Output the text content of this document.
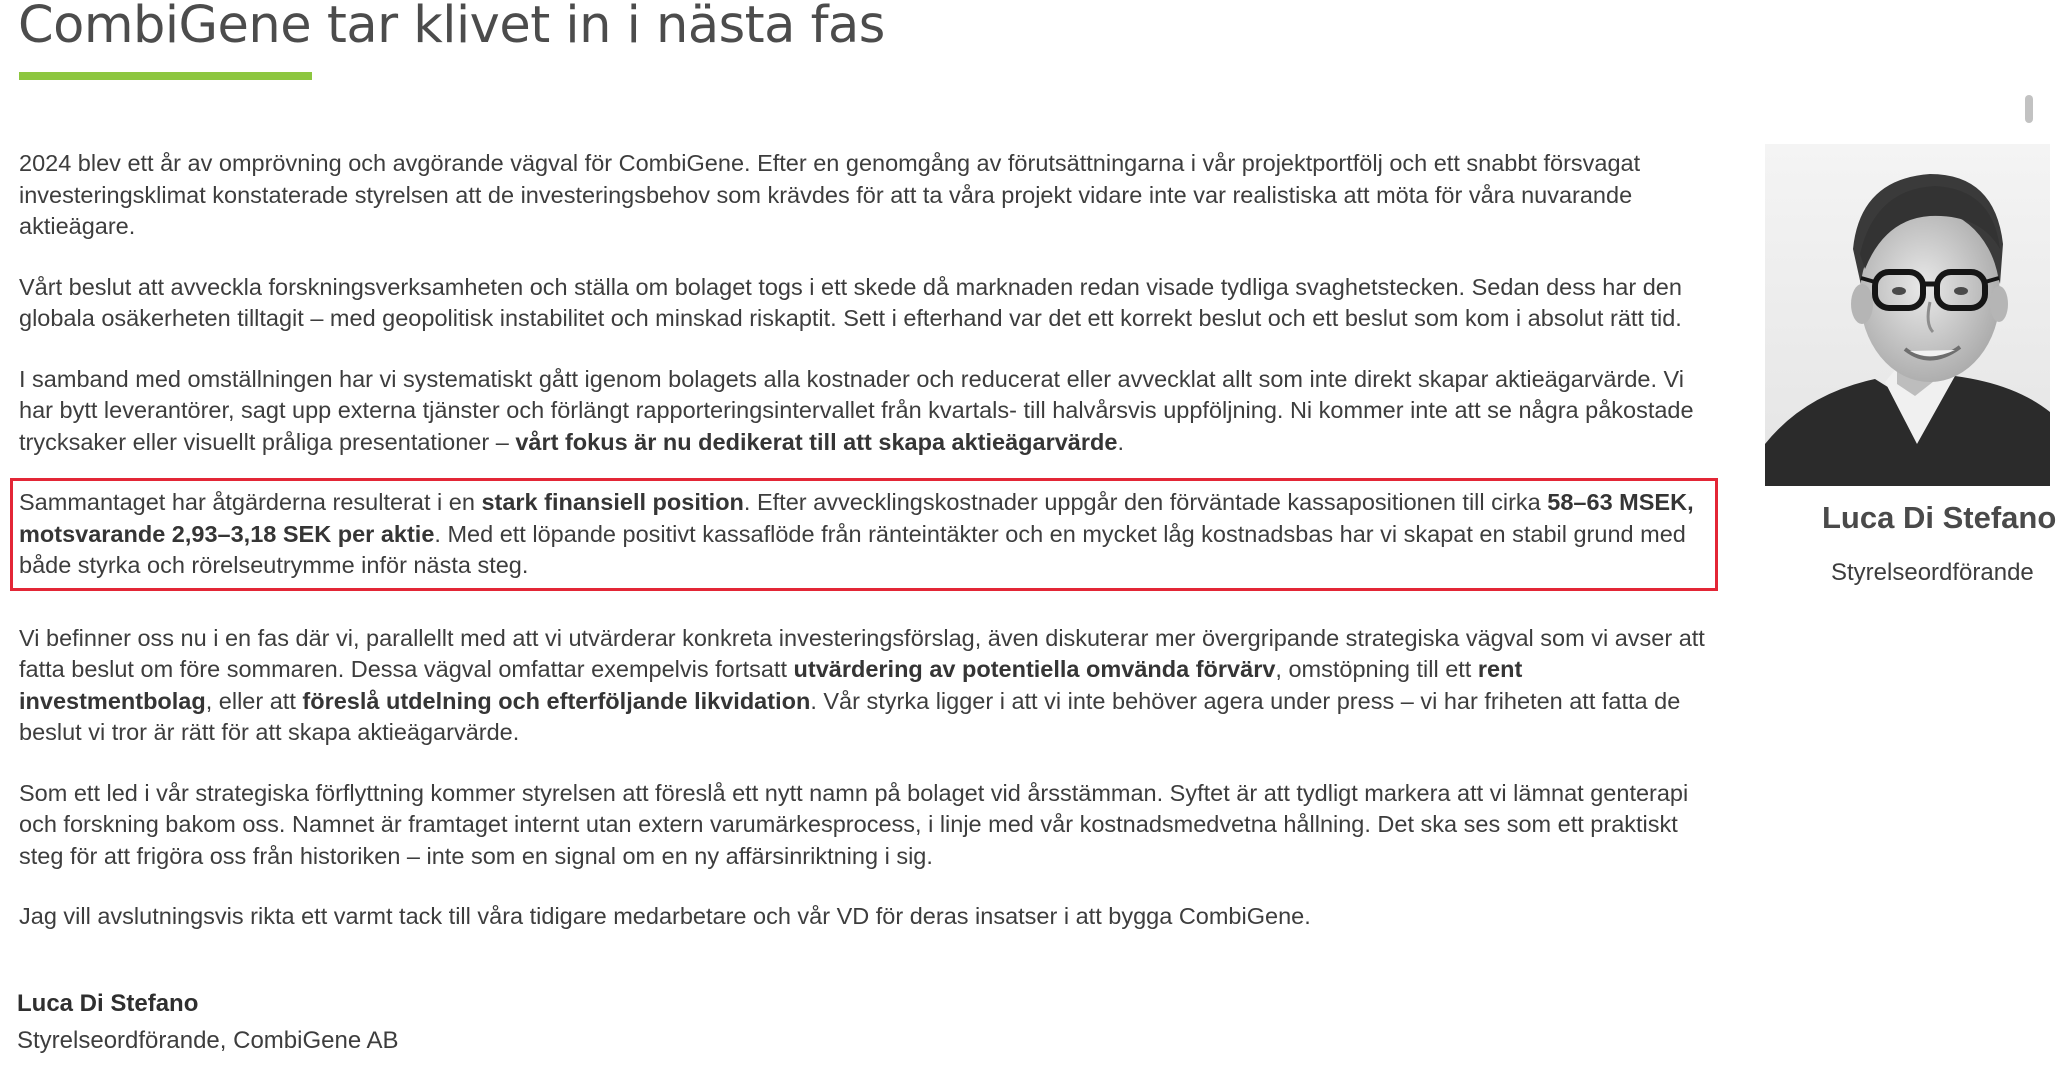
CombiGene tar klivet in i nästa fas

2024 blev ett år av omprövning och avgörande vägval för CombiGene. Efter en genomgång av förutsättningarna i vår projektportfölj och ett snabbt försvagat investeringsklimat konstaterade styrelsen att de investeringsbehov som krävdes för att ta våra projekt vidare inte var realistiska att möta för våra nuvarande aktieägare.

Vårt beslut att avveckla forskningsverksamheten och ställa om bolaget togs i ett skede då marknaden redan visade tydliga svaghetstecken. Sedan dess har den globala osäkerheten tilltagit – med geopolitisk instabilitet och minskad riskaptit. Sett i efterhand var det ett korrekt beslut och ett beslut som kom i absolut rätt tid.

I samband med omställningen har vi systematiskt gått igenom bolagets alla kostnader och reducerat eller avvecklat allt som inte direkt skapar aktieägarvärde. Vi har bytt leverantörer, sagt upp externa tjänster och förlängt rapporteringsintervallet från kvartals- till halvårsvis uppföljning. Ni kommer inte att se några påkostade trycksaker eller visuellt pråliga presentationer – vårt fokus är nu dedikerat till att skapa aktieägarvärde.

Sammantaget har åtgärderna resulterat i en stark finansiell position. Efter avvecklingskostnader uppgår den förväntade kassapositionen till cirka 58–63 MSEK, motsvarande 2,93–3,18 SEK per aktie. Med ett löpande positivt kassaflöde från ränteintäkter och en mycket låg kostnadsbas har vi skapat en stabil grund med både styrka och rörelseutrymme inför nästa steg.

Vi befinner oss nu i en fas där vi, parallellt med att vi utvärderar konkreta investeringsförslag, även diskuterar mer övergripande strategiska vägval som vi avser att fatta beslut om före sommaren. Dessa vägval omfattar exempelvis fortsatt utvärdering av potentiella omvända förvärv, omstöpning till ett rent investmentbolag, eller att föreslå utdelning och efterföljande likvidation. Vår styrka ligger i att vi inte behöver agera under press – vi har friheten att fatta de beslut vi tror är rätt för att skapa aktieägarvärde.

Som ett led i vår strategiska förflyttning kommer styrelsen att föreslå ett nytt namn på bolaget vid årsstämman. Syftet är att tydligt markera att vi lämnat genterapi och forskning bakom oss. Namnet är framtaget internt utan extern varumärkesprocess, i linje med vår kostnadsmedvetna hållning. Det ska ses som ett praktiskt steg för att frigöra oss från historiken – inte som en signal om en ny affärsinriktning i sig.

Jag vill avslutningsvis rikta ett varmt tack till våra tidigare medarbetare och vår VD för deras insatser i att bygga CombiGene.

Luca Di Stefano
Styrelseordförande, CombiGene AB
Luca Di Stefano
Styrelseordförande
